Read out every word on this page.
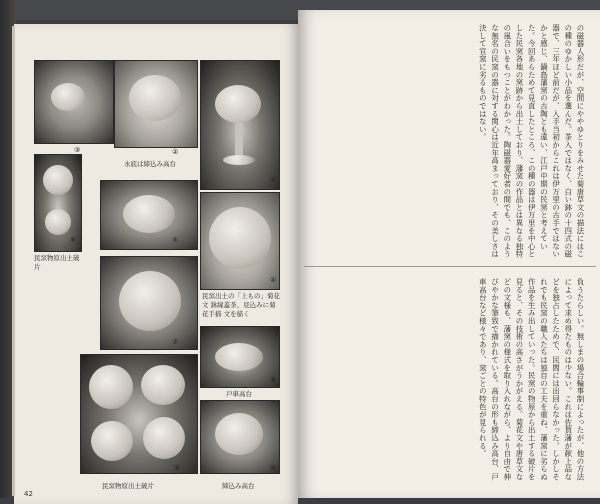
③	②
永底は締込み高台
①
⑥
民窯物原出土破片
⑤
④
⑦
民窯出土の「上もの」菊花文 鉢縁蓋茶、見込みに菊花手描 文を描く
⑧
戸車高台
⑨
民窯物原出土破片
⑩
締込み高台
42
の磁器人形だが、空間にややゆとりをみせた菊唐草文の描法にはこの種のゆかしい小品を選んだ。茶入ではなく、白い鉢の十四式の磁器で、三年ほど前だが、入手当初からこれは伊万里の古手ではないかと感じ、鍋島藩窯の古陶とも違い、江戸中期の民窯と考えていた。今回あらためて見直したところ、この種の器は伊万里を中心とした民窯各地の窯跡から出土しており、藩窯の作品とは異なる独特の風合いをもつことがわかった。陶磁器愛好者の間でも、このような無名の民窯の器に対する関心は近年高まっており、その美しさは決して官窯に劣るものではない。
負うたらしい。無しまの場合輪事制によったが、他の方法によって求め得たものは少ない。これは佐賀藩が献上品などを独占したためで、民間には出回らなかった。しかしそれでも民窯の職人たちは独自の工夫を重ね、藩窯に劣らぬ作品を生み出していった。民窯の物原から出土する破片を見ると、その技術の高さがうかがえる。菊花文や唐草文などの文様も、藩窯の様式を取り入れながら、より自由で伸びやかな筆致で描かれている。高台の形も締込み高台、戸車高台など様々であり、窯ごとの特色が見られる。
